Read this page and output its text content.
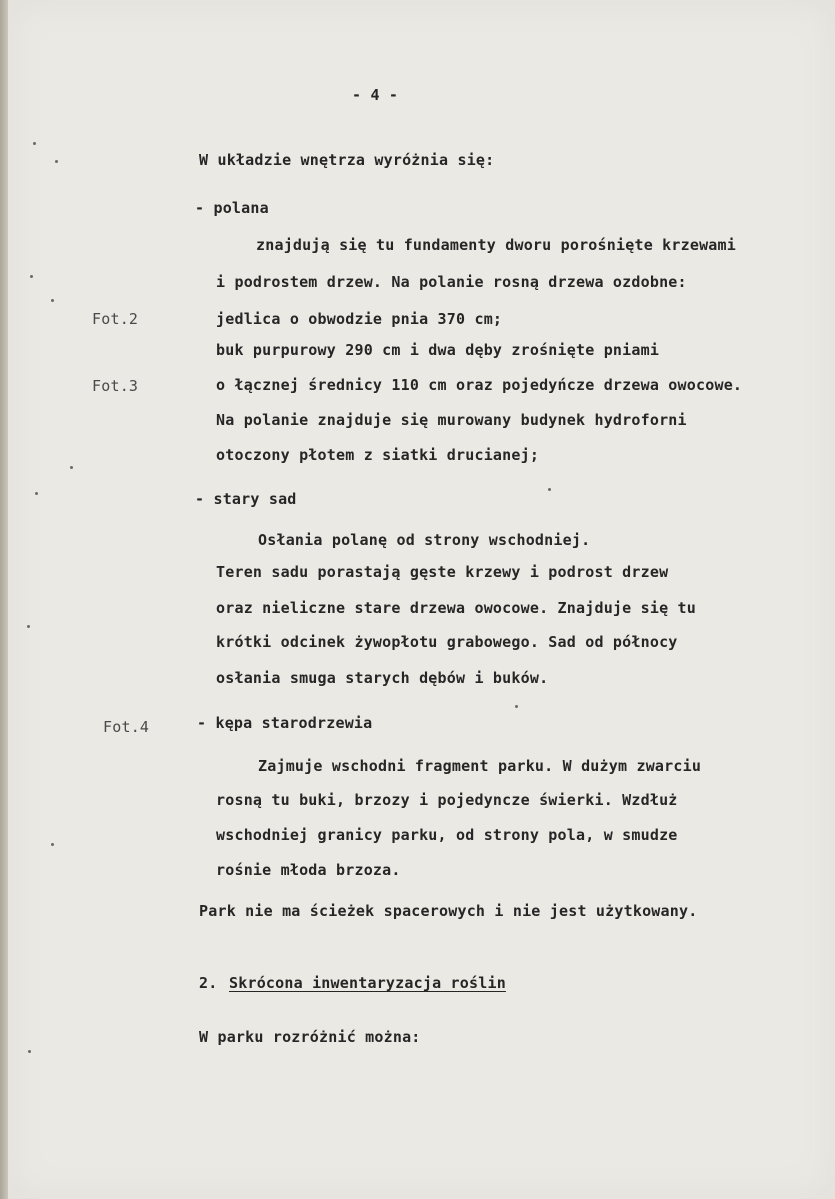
- 4 -
W układzie wnętrza wyróżnia się:
- polana
znajdują się tu fundamenty dworu porośnięte krzewami
i podrostem drzew. Na polanie rosną drzewa ozdobne:
Fot.2	jedlica o obwodzie pnia 370 cm;
buk purpurowy 290 cm i dwa dęby zrośnięte pniami
Fot.3	o łącznej średnicy 110 cm oraz pojedyńcze drzewa owocowe.
Na polanie znajduje się murowany budynek hydroforni
otoczony płotem z siatki drucianej;
- stary sad
Osłania polanę od strony wschodniej.
Teren sadu porastają gęste krzewy i podrost drzew
oraz nieliczne stare drzewa owocowe. Znajduje się tu
krótki odcinek żywopłotu grabowego. Sad od północy
osłania smuga starych dębów i buków.
Fot.4	- kępa starodrzewia
Zajmuje wschodni fragment parku. W dużym zwarciu
rosną tu buki, brzozy i pojedyncze świerki. Wzdłuż
wschodniej granicy parku, od strony pola, w smudze
rośnie młoda brzoza.
Park nie ma ścieżek spacerowych i nie jest użytkowany.
2. Skrócona inwentaryzacja roślin
W parku rozróżnić można:
